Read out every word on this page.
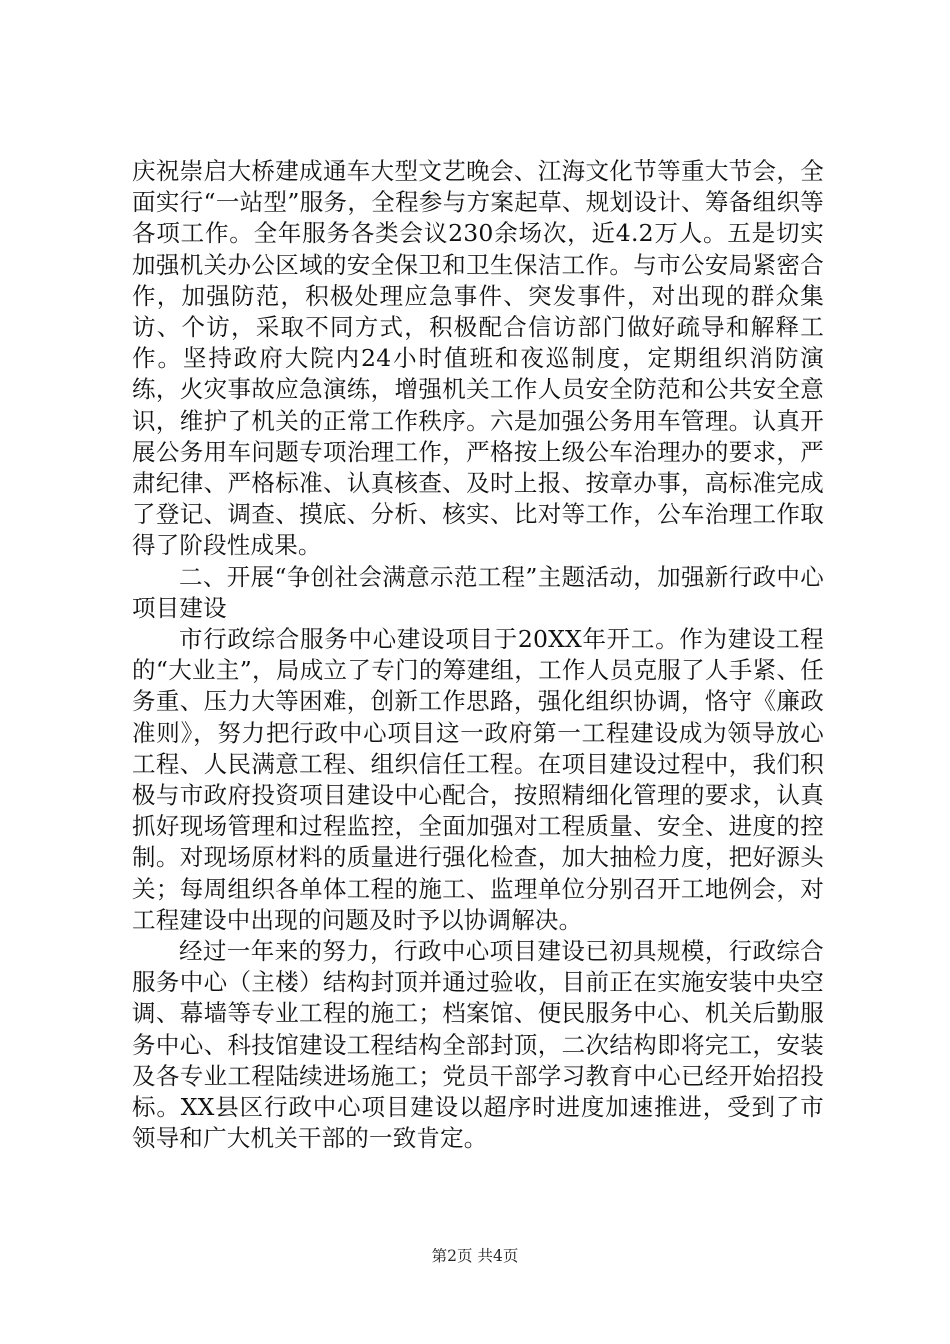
庆祝崇启大桥建成通车大型文艺晚会、江海文化节等重大节会，全面实行“一站型”服务，全程参与方案起草、规划设计、筹备组织等各项工作。全年服务各类会议230余场次，近4.2万人。五是切实加强机关办公区域的安全保卫和卫生保洁工作。与市公安局紧密合作，加强防范，积极处理应急事件、突发事件，对出现的群众集访、个访，采取不同方式，积极配合信访部门做好疏导和解释工作。坚持政府大院内24小时值班和夜巡制度，定期组织消防演练，火灾事故应急演练，增强机关工作人员安全防范和公共安全意识，维护了机关的正常工作秩序。六是加强公务用车管理。认真开展公务用车问题专项治理工作，严格按上级公车治理办的要求，严肃纪律、严格标准、认真核查、及时上报、按章办事，高标准完成了登记、调查、摸底、分析、核实、比对等工作，公车治理工作取得了阶段性成果。

二、开展“争创社会满意示范工程”主题活动，加强新行政中心项目建设

市行政综合服务中心建设项目于20XX年开工。作为建设工程的“大业主”，局成立了专门的筹建组，工作人员克服了人手紧、任务重、压力大等困难，创新工作思路，强化组织协调，恪守《廉政准则》，努力把行政中心项目这一政府第一工程建设成为领导放心工程、人民满意工程、组织信任工程。在项目建设过程中，我们积极与市政府投资项目建设中心配合，按照精细化管理的要求，认真抓好现场管理和过程监控，全面加强对工程质量、安全、进度的控制。对现场原材料的质量进行强化检查，加大抽检力度，把好源头关；每周组织各单体工程的施工、监理单位分别召开工地例会，对工程建设中出现的问题及时予以协调解决。

经过一年来的努力，行政中心项目建设已初具规模，行政综合服务中心（主楼）结构封顶并通过验收，目前正在实施安装中央空调、幕墙等专业工程的施工；档案馆、便民服务中心、机关后勤服务中心、科技馆建设工程结构全部封顶，二次结构即将完工，安装及各专业工程陆续进场施工；党员干部学习教育中心已经开始招投标。XX县区行政中心项目建设以超序时进度加速推进，受到了市领导和广大机关干部的一致肯定。

第2页 共4页
